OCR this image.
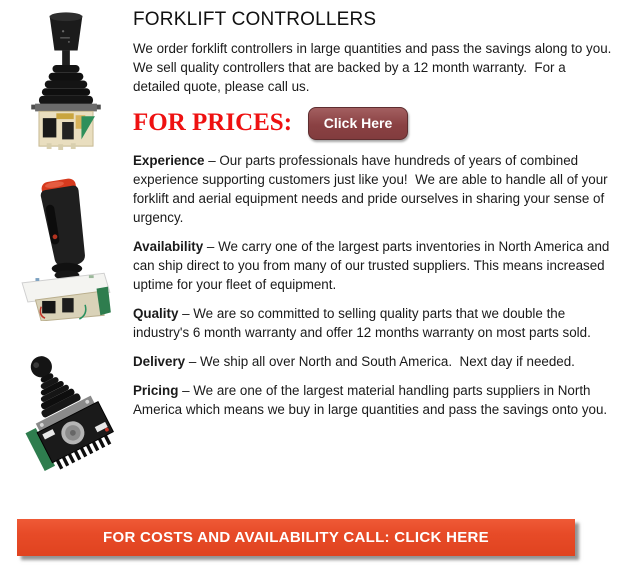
FORKLIFT CONTROLLERS

We order forklift controllers in large quantities and pass the savings along to you.  We sell quality controllers that are backed by a 12 month warranty.  For a detailed quote, please call us.

FOR PRICES:	Click Here

Experience – Our parts professionals have hundreds of years of combined experience supporting customers just like you!  We are able to handle all of your forklift and aerial equipment needs and pride ourselves in sharing your sense of urgency.

Availability – We carry one of the largest parts inventories in North America and can ship direct to you from many of our trusted suppliers. This means increased uptime for your fleet of equipment.

Quality – We are so committed to selling quality parts that we double the industry's 6 month warranty and offer 12 months warranty on most parts sold.

Delivery – We ship all over North and South America.  Next day if needed.

Pricing – We are one of the largest material handling parts suppliers in North America which means we buy in large quantities and pass the savings onto you.

FOR COSTS AND AVAILABILITY CALL: CLICK HERE
